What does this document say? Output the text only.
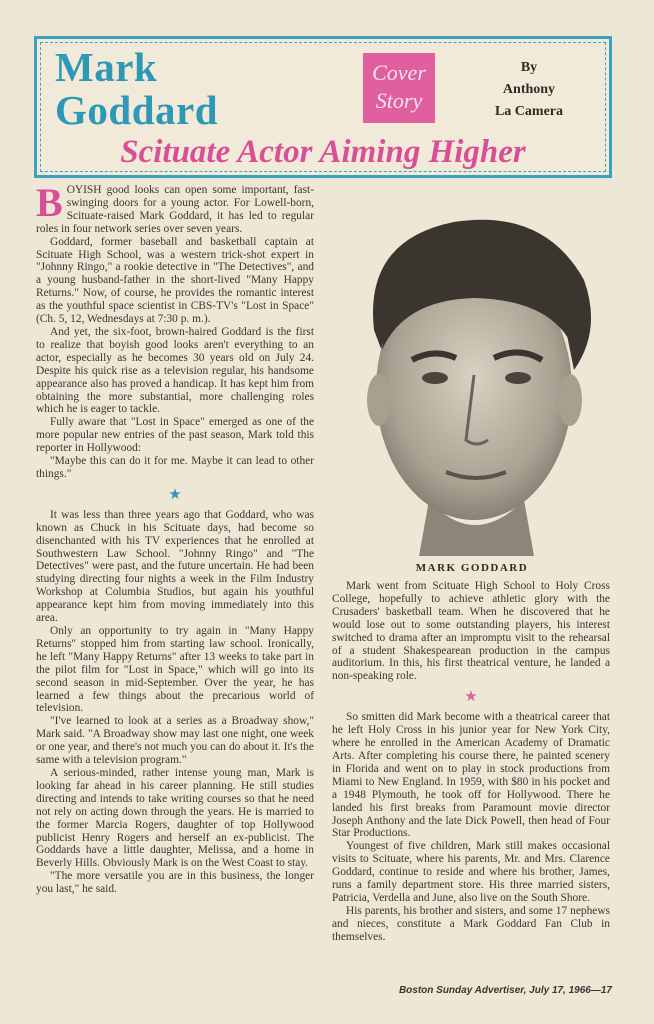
Mark
Goddard
Cover
Story
By
Anthony
La Camera
Scituate Actor Aiming Higher

BOYISH good looks can open some important, fast-swinging doors for a young actor. For Lowell-born, Scituate-raised Mark Goddard, it has led to regular roles in four network series over seven years.

Goddard, former baseball and basketball captain at Scituate High School, was a western trick-shot expert in "Johnny Ringo," a rookie detective in "The Detectives", and a young husband-father in the short-lived "Many Happy Returns." Now, of course, he provides the romantic interest as the youthful space scientist in CBS-TV's "Lost in Space" (Ch. 5, 12, Wednesdays at 7:30 p. m.).

And yet, the six-foot, brown-haired Goddard is the first to realize that boyish good looks aren't everything to an actor, especially as he becomes 30 years old on July 24. Despite his quick rise as a television regular, his handsome appearance also has proved a handicap. It has kept him from obtaining the more substantial, more challenging roles which he is eager to tackle.

Fully aware that "Lost in Space" emerged as one of the more popular new entries of the past season, Mark told this reporter in Hollywood:

"Maybe this can do it for me. Maybe it can lead to other things."

★

It was less than three years ago that Goddard, who was known as Chuck in his Scituate days, had become so disenchanted with his TV experiences that he enrolled at Southwestern Law School. "Johnny Ringo" and "The Detectives" were past, and the future uncertain. He had been studying directing four nights a week in the Film Industry Workshop at Columbia Studios, but again his youthful appearance kept him from moving immediately into this area.

Only an opportunity to try again in "Many Happy Returns" stopped him from starting law school. Ironically, he left "Many Happy Returns" after 13 weeks to take part in the pilot film for "Lost in Space," which will go into its second season in mid-September. Over the year, he has learned a few things about the precarious world of television.

"I've learned to look at a series as a Broadway show," Mark said. "A Broadway show may last one night, one week or one year, and there's not much you can do about it. It's the same with a television program."

A serious-minded, rather intense young man, Mark is looking far ahead in his career planning. He still studies directing and intends to take writing courses so that he need not rely on acting down through the years. He is married to the former Marcia Rogers, daughter of top Hollywood publicist Henry Rogers and herself an ex-publicist. The Goddards have a little daughter, Melissa, and a home in Beverly Hills. Obviously Mark is on the West Coast to stay.

"The more versatile you are in this business, the longer you last," he said.

MARK GODDARD

Mark went from Scituate High School to Holy Cross College, hopefully to achieve athletic glory with the Crusaders' basketball team. When he discovered that he would lose out to some outstanding players, his interest switched to drama after an impromptu visit to the rehearsal of a student Shakespearean production in the campus auditorium. In this, his first theatrical venture, he landed a non-speaking role.

★

So smitten did Mark become with a theatrical career that he left Holy Cross in his junior year for New York City, where he enrolled in the American Academy of Dramatic Arts. After completing his course there, he painted scenery in Florida and went on to play in stock productions from Miami to New England. In 1959, with $80 in his pocket and a 1948 Plymouth, he took off for Hollywood. There he landed his first breaks from Paramount movie director Joseph Anthony and the late Dick Powell, then head of Four Star Productions.

Youngest of five children, Mark still makes occasional visits to Scituate, where his parents, Mr. and Mrs. Clarence Goddard, continue to reside and where his brother, James, runs a family department store. His three married sisters, Patricia, Verdella and June, also live on the South Shore.

His parents, his brother and sisters, and some 17 nephews and nieces, constitute a Mark Goddard Fan Club in themselves.

Boston Sunday Advertiser, July 17, 1966—17
